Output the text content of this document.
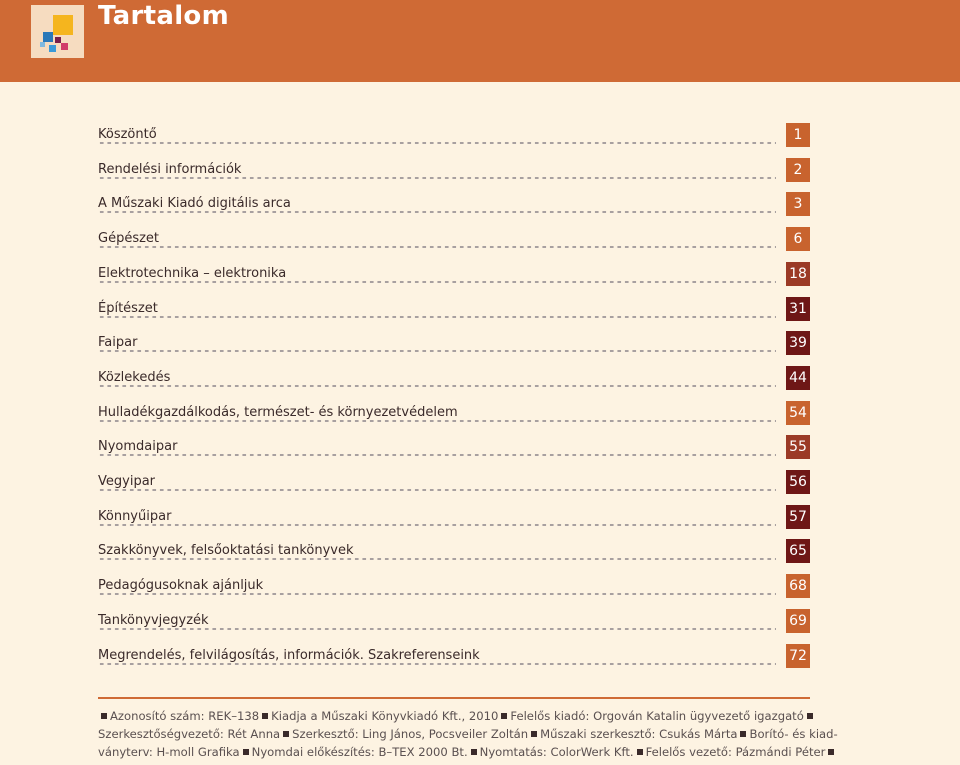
Tartalom
Köszöntő	1
Rendelési információk	2
A Műszaki Kiadó digitális arca	3
Gépészet	6
Elektrotechnika – elektronika	18
Építészet	31
Faipar	39
Közlekedés	44
Hulladékgazdálkodás, természet- és környezetvédelem	54
Nyomdaipar	55
Vegyipar	56
Könnyűipar	57
Szakkönyvek, felsőoktatási tankönyvek	65
Pedagógusoknak ajánljuk	68
Tankönyvjegyzék	69
Megrendelés, felvilágosítás, információk. Szakreferenseink	72
Azonosító szám: REK–138 Kiadja a Műszaki Könyvkiadó Kft., 2010 Felelős kiadó: Orgován Katalin ügyvezető igazgató
Szerkesztőségvezető: Rét Anna Szerkesztő: Ling János, Pocsveiler Zoltán Műszaki szerkesztő: Csukás Márta Borító- és kiad-
ványterv: H-moll Grafika Nyomdai előkészítés: B–TEX 2000 Bt. Nyomtatás: ColorWerk Kft. Felelős vezető: Pázmándi Péter
